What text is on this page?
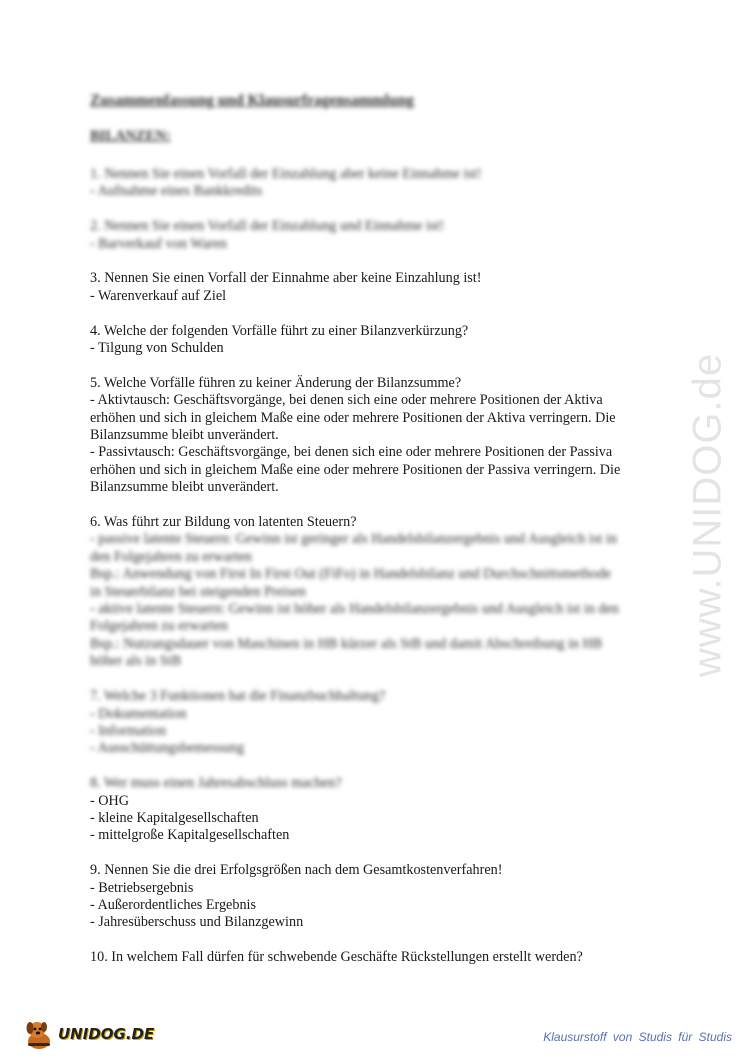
www.UNIDOG.de
Zusammenfassung und Klausurfragensammlung
BILANZEN:
1. Nennen Sie einen Vorfall der Einzahlung aber keine Einnahme ist!
- Aufnahme eines Bankkredits
2. Nennen Sie einen Vorfall der Einzahlung und Einnahme ist!
- Barverkauf von Waren
3. Nennen Sie einen Vorfall der Einnahme aber keine Einzahlung ist!
- Warenverkauf auf Ziel
4. Welche der folgenden Vorfälle führt zu einer Bilanzverkürzung?
- Tilgung von Schulden
5. Welche Vorfälle führen zu keiner Änderung der Bilanzsumme?
- Aktivtausch: Geschäftsvorgänge, bei denen sich eine oder mehrere Positionen der Aktiva
erhöhen und sich in gleichem Maße eine oder mehrere Positionen der Aktiva verringern. Die
Bilanzsumme bleibt unverändert.
- Passivtausch: Geschäftsvorgänge, bei denen sich eine oder mehrere Positionen der Passiva
erhöhen und sich in gleichem Maße eine oder mehrere Positionen der Passiva verringern. Die
Bilanzsumme bleibt unverändert.
6. Was führt zur Bildung von latenten Steuern?
- passive latente Steuern: Gewinn ist geringer als Handelsbilanzergebnis und Ausgleich ist in
den Folgejahren zu erwarten
Bsp.: Anwendung von First In First Out (FiFo) in Handelsbilanz und Durchschnittsmethode
in Steuerbilanz bei steigenden Preisen
- aktive latente Steuern: Gewinn ist höher als Handelsbilanzergebnis und Ausgleich ist in den
Folgejahren zu erwarten
Bsp.: Nutzungsdauer von Maschinen in HB kürzer als StB und damit Abschreibung in HB
höher als in StB
7. Welche 3 Funktionen hat die Finanzbuchhaltung?
- Dokumentation
- Information
- Ausschüttungsbemessung
8. Wer muss einen Jahresabschluss machen?
- OHG
- kleine Kapitalgesellschaften
- mittelgroße Kapitalgesellschaften
9. Nennen Sie die drei Erfolgsgrößen nach dem Gesamtkostenverfahren!
- Betriebsergebnis
- Außerordentliches Ergebnis
- Jahresüberschuss und Bilanzgewinn
10. In welchem Fall dürfen für schwebende Geschäfte Rückstellungen erstellt werden?
UNIDOG.DE	Klausurstoff von Studis für Studis
